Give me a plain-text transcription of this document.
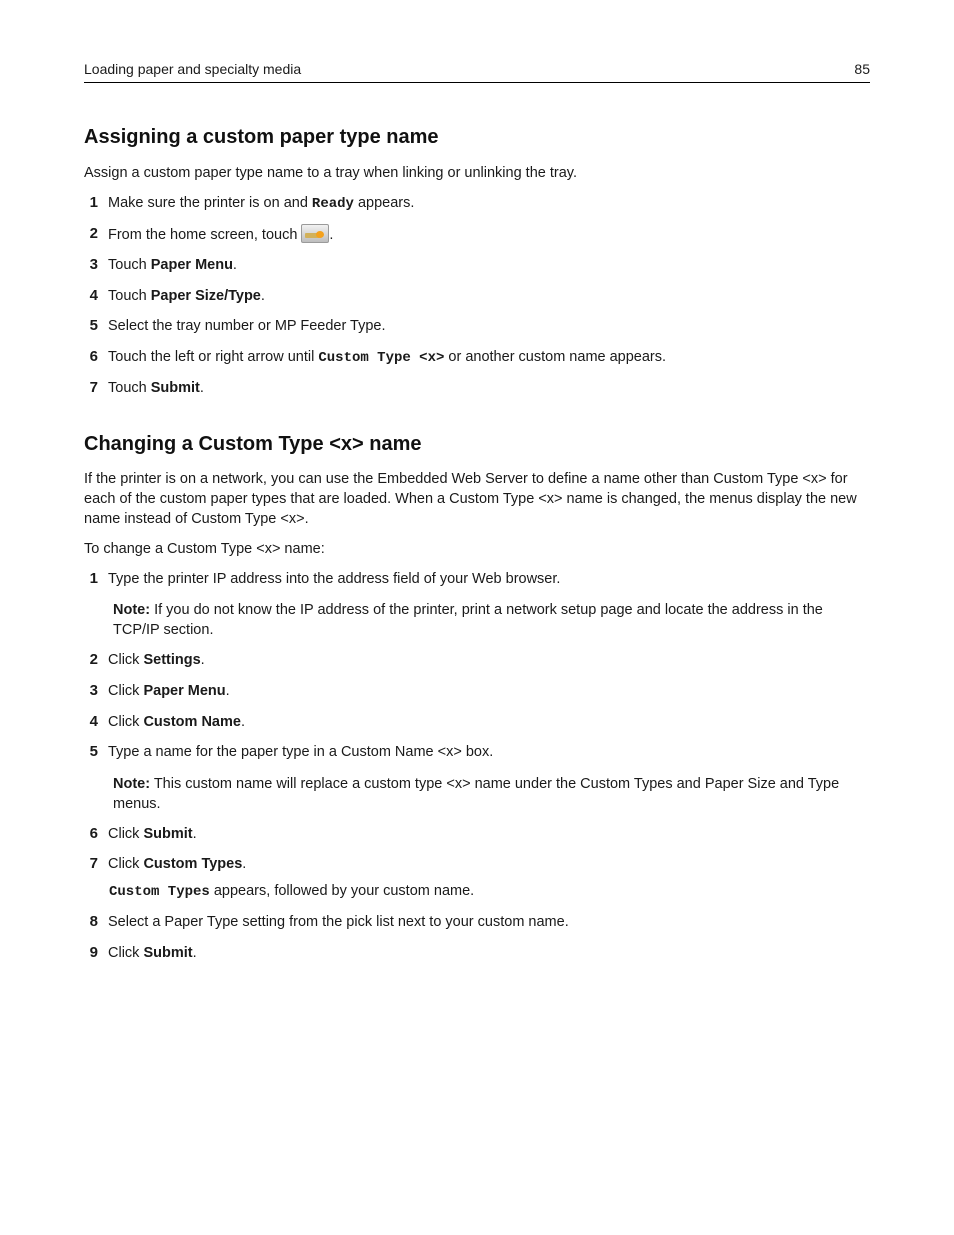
Loading paper and specialty media	85
Assigning a custom paper type name

Assign a custom paper type name to a tray when linking or unlinking the tray.

1 Make sure the printer is on and Ready appears.
2 From the home screen, touch .
3 Touch Paper Menu.
4 Touch Paper Size/Type.
5 Select the tray number or MP Feeder Type.
6 Touch the left or right arrow until Custom Type <x> or another custom name appears.
7 Touch Submit.
Changing a Custom Type <x> name

If the printer is on a network, you can use the Embedded Web Server to define a name other than Custom Type <x> for each of the custom paper types that are loaded. When a Custom Type <x> name is changed, the menus display the new name instead of Custom Type <x>.

To change a Custom Type <x> name:

1 Type the printer IP address into the address field of your Web browser.

Note: If you do not know the IP address of the printer, print a network setup page and locate the address in the TCP/IP section.

2 Click Settings.
3 Click Paper Menu.
4 Click Custom Name.
5 Type a name for the paper type in a Custom Name <x> box.

Note: This custom name will replace a custom type <x> name under the Custom Types and Paper Size and Type menus.

6 Click Submit.
7 Click Custom Types.

Custom Types appears, followed by your custom name.

8 Select a Paper Type setting from the pick list next to your custom name.
9 Click Submit.
